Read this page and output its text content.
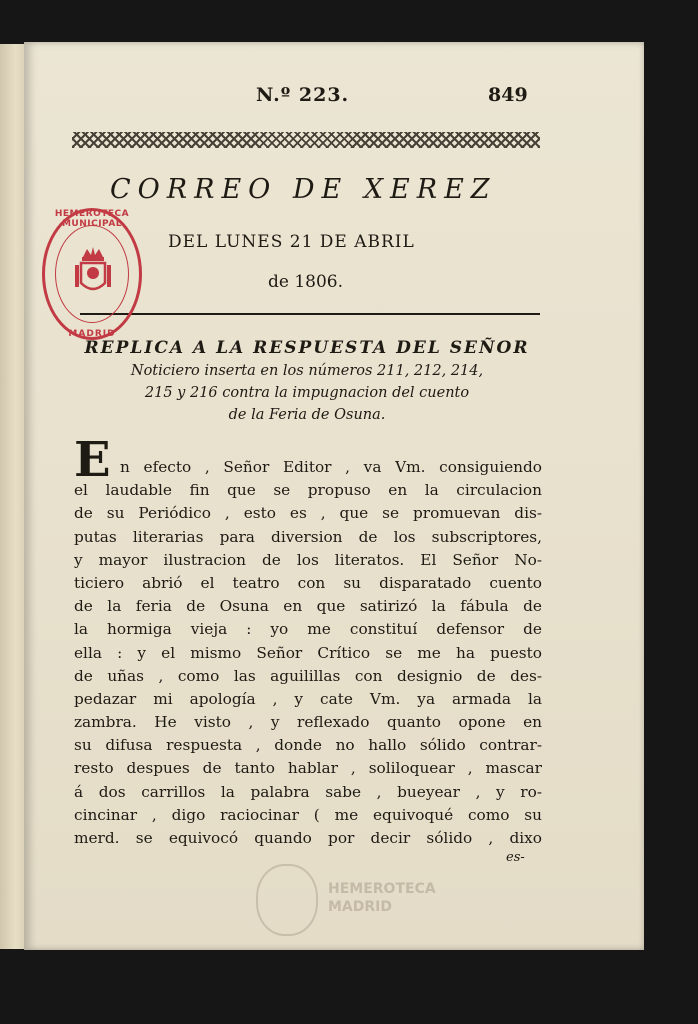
N.º 223.	849
CORREO DE XEREZ
DEL LUNES 21 DE ABRIL
de 1806.
HEMEROTECA MUNICIPAL
MADRID
REPLICA A LA RESPUESTA DEL SEÑOR
Noticiero inserta en los números 211, 212, 214,
215 y 216 contra la impugnacion del cuento
de la Feria de Osuna.
E n efecto , Señor Editor , va Vm. consiguiendo
el laudable fin que se propuso en la circulacion
de su Periódico , esto es , que se promuevan dis-
putas literarias para diversion de los subscriptores,
y mayor ilustracion de los literatos. El Señor No-
ticiero abrió el teatro con su disparatado cuento
de la feria de Osuna en que satirizó la fábula de
la hormiga vieja : yo me constituí defensor de
ella : y el mismo Señor Crítico se me ha puesto
de uñas , como las aguilillas con designio de des-
pedazar mi apología , y cate Vm. ya armada la
zambra. He visto , y reflexado quanto opone en
su difusa respuesta , donde no hallo sólido contrar-
resto despues de tanto hablar , soliloquear , mascar
á dos carrillos la palabra sabe , bueyear , y ro-
cincinar , digo raciocinar ( me equivoqué como su
merd. se equivocó quando por decir sólido , dixo
es-
HEMEROTECA
MADRID
